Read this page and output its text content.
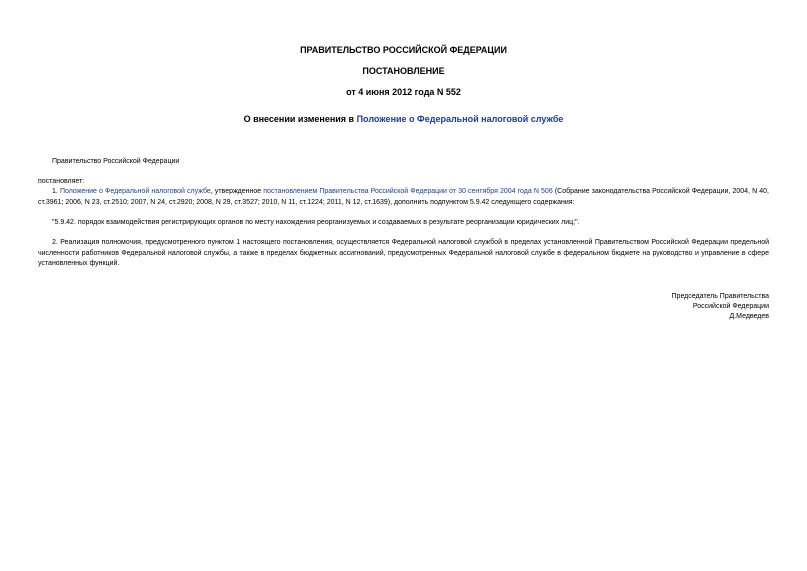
ПРАВИТЕЛЬСТВО РОССИЙСКОЙ ФЕДЕРАЦИИ
ПОСТАНОВЛЕНИЕ
от 4 июня 2012 года N 552
О внесении изменения в Положение о Федеральной налоговой службе
Правительство Российской Федерации
постановляет:
1. Положение о Федеральной налоговой службе, утвержденное постановлением Правительства Российской Федерации от 30 сентября 2004 года N 506 (Собрание законодательства Российской Федерации, 2004, N 40, ст.3961; 2006, N 23, ст.2510; 2007, N 24, ст.2920; 2008, N 29, ст.3527; 2010, N 11, ст.1224; 2011, N 12, ст.1639), дополнить подпунктом 5.9.42 следующего содержания:
"5.9.42. порядок взаимодействия регистрирующих органов по месту нахождения реорганизуемых и создаваемых в результате реорганизации юридических лиц;".
2. Реализация полномочия, предусмотренного пунктом 1 настоящего постановления, осуществляется Федеральной налоговой службой в пределах установленной Правительством Российской Федерации предельной численности работников Федеральной налоговой службы, а также в пределах бюджетных ассигнований, предусмотренных Федеральной налоговой службе в федеральном бюджете на руководство и управление в сфере установленных функций.
Председатель Правительства
Российской Федерации
Д.Медведев
